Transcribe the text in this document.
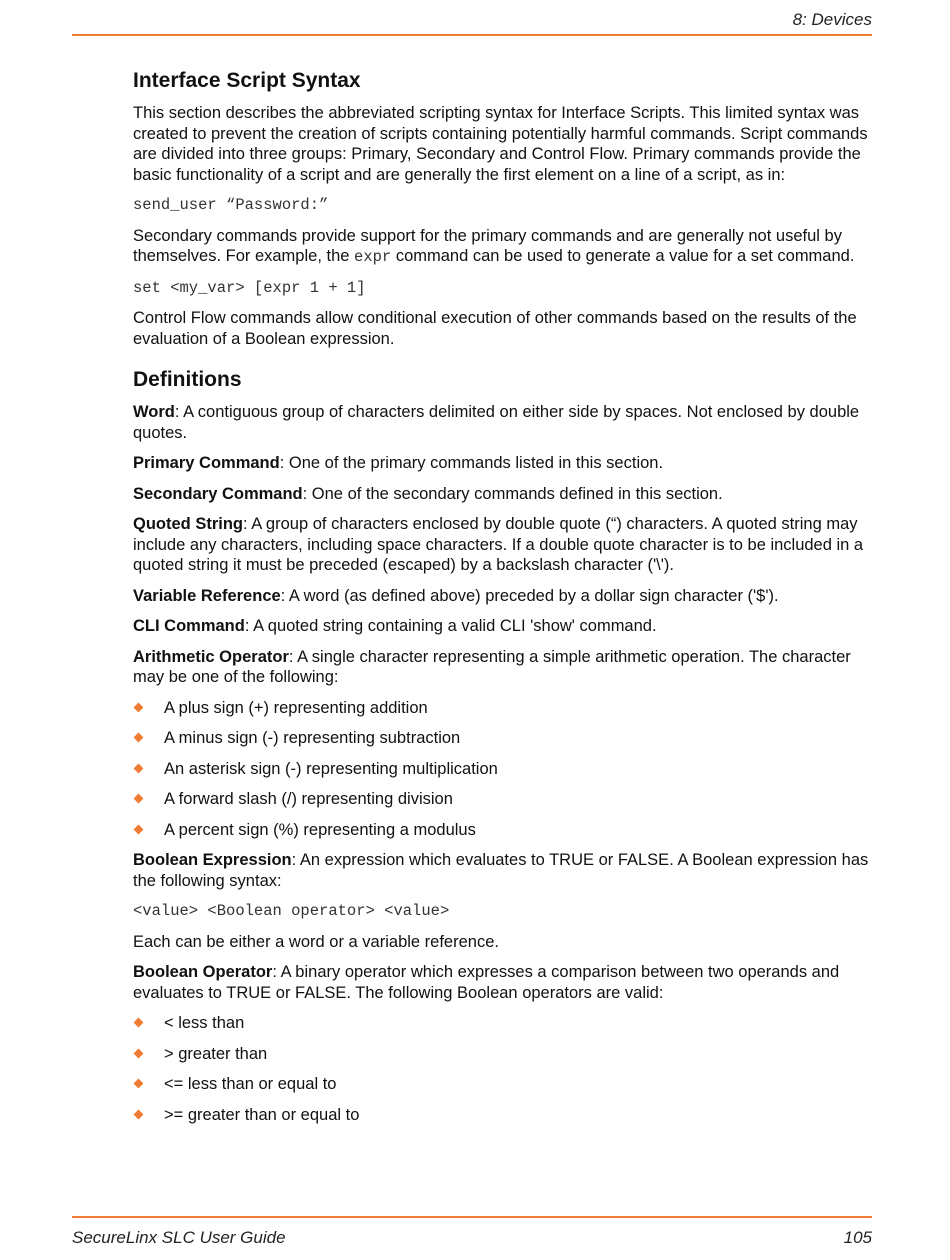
8: Devices
Interface Script Syntax

This section describes the abbreviated scripting syntax for Interface Scripts. This limited syntax was created to prevent the creation of scripts containing potentially harmful commands. Script commands are divided into three groups: Primary, Secondary and Control Flow. Primary commands provide the basic functionality of a script and are generally the first element on a line of a script, as in:

send_user “Password:”

Secondary commands provide support for the primary commands and are generally not useful by themselves. For example, the expr command can be used to generate a value for a set command.

set <my_var> [expr 1 + 1]

Control Flow commands allow conditional execution of other commands based on the results of the evaluation of a Boolean expression.

Definitions

Word: A contiguous group of characters delimited on either side by spaces. Not enclosed by double quotes.

Primary Command: One of the primary commands listed in this section.

Secondary Command: One of the secondary commands defined in this section.

Quoted String: A group of characters enclosed by double quote (“) characters. A quoted string may include any characters, including space characters. If a double quote character is to be included in a quoted string it must be preceded (escaped) by a backslash character ('\').

Variable Reference: A word (as defined above) preceded by a dollar sign character ('$').

CLI Command: A quoted string containing a valid CLI 'show' command.

Arithmetic Operator: A single character representing a simple arithmetic operation. The character may be one of the following:

A plus sign (+) representing addition
A minus sign (-) representing subtraction
An asterisk sign (-) representing multiplication
A forward slash (/) representing division
A percent sign (%) representing a modulus

Boolean Expression: An expression which evaluates to TRUE or FALSE. A Boolean expression has the following syntax:

<value> <Boolean operator> <value>

Each can be either a word or a variable reference.

Boolean Operator: A binary operator which expresses a comparison between two operands and evaluates to TRUE or FALSE. The following Boolean operators are valid:

< less than
> greater than
<= less than or equal to
>= greater than or equal to
SecureLinx SLC User Guide	105
